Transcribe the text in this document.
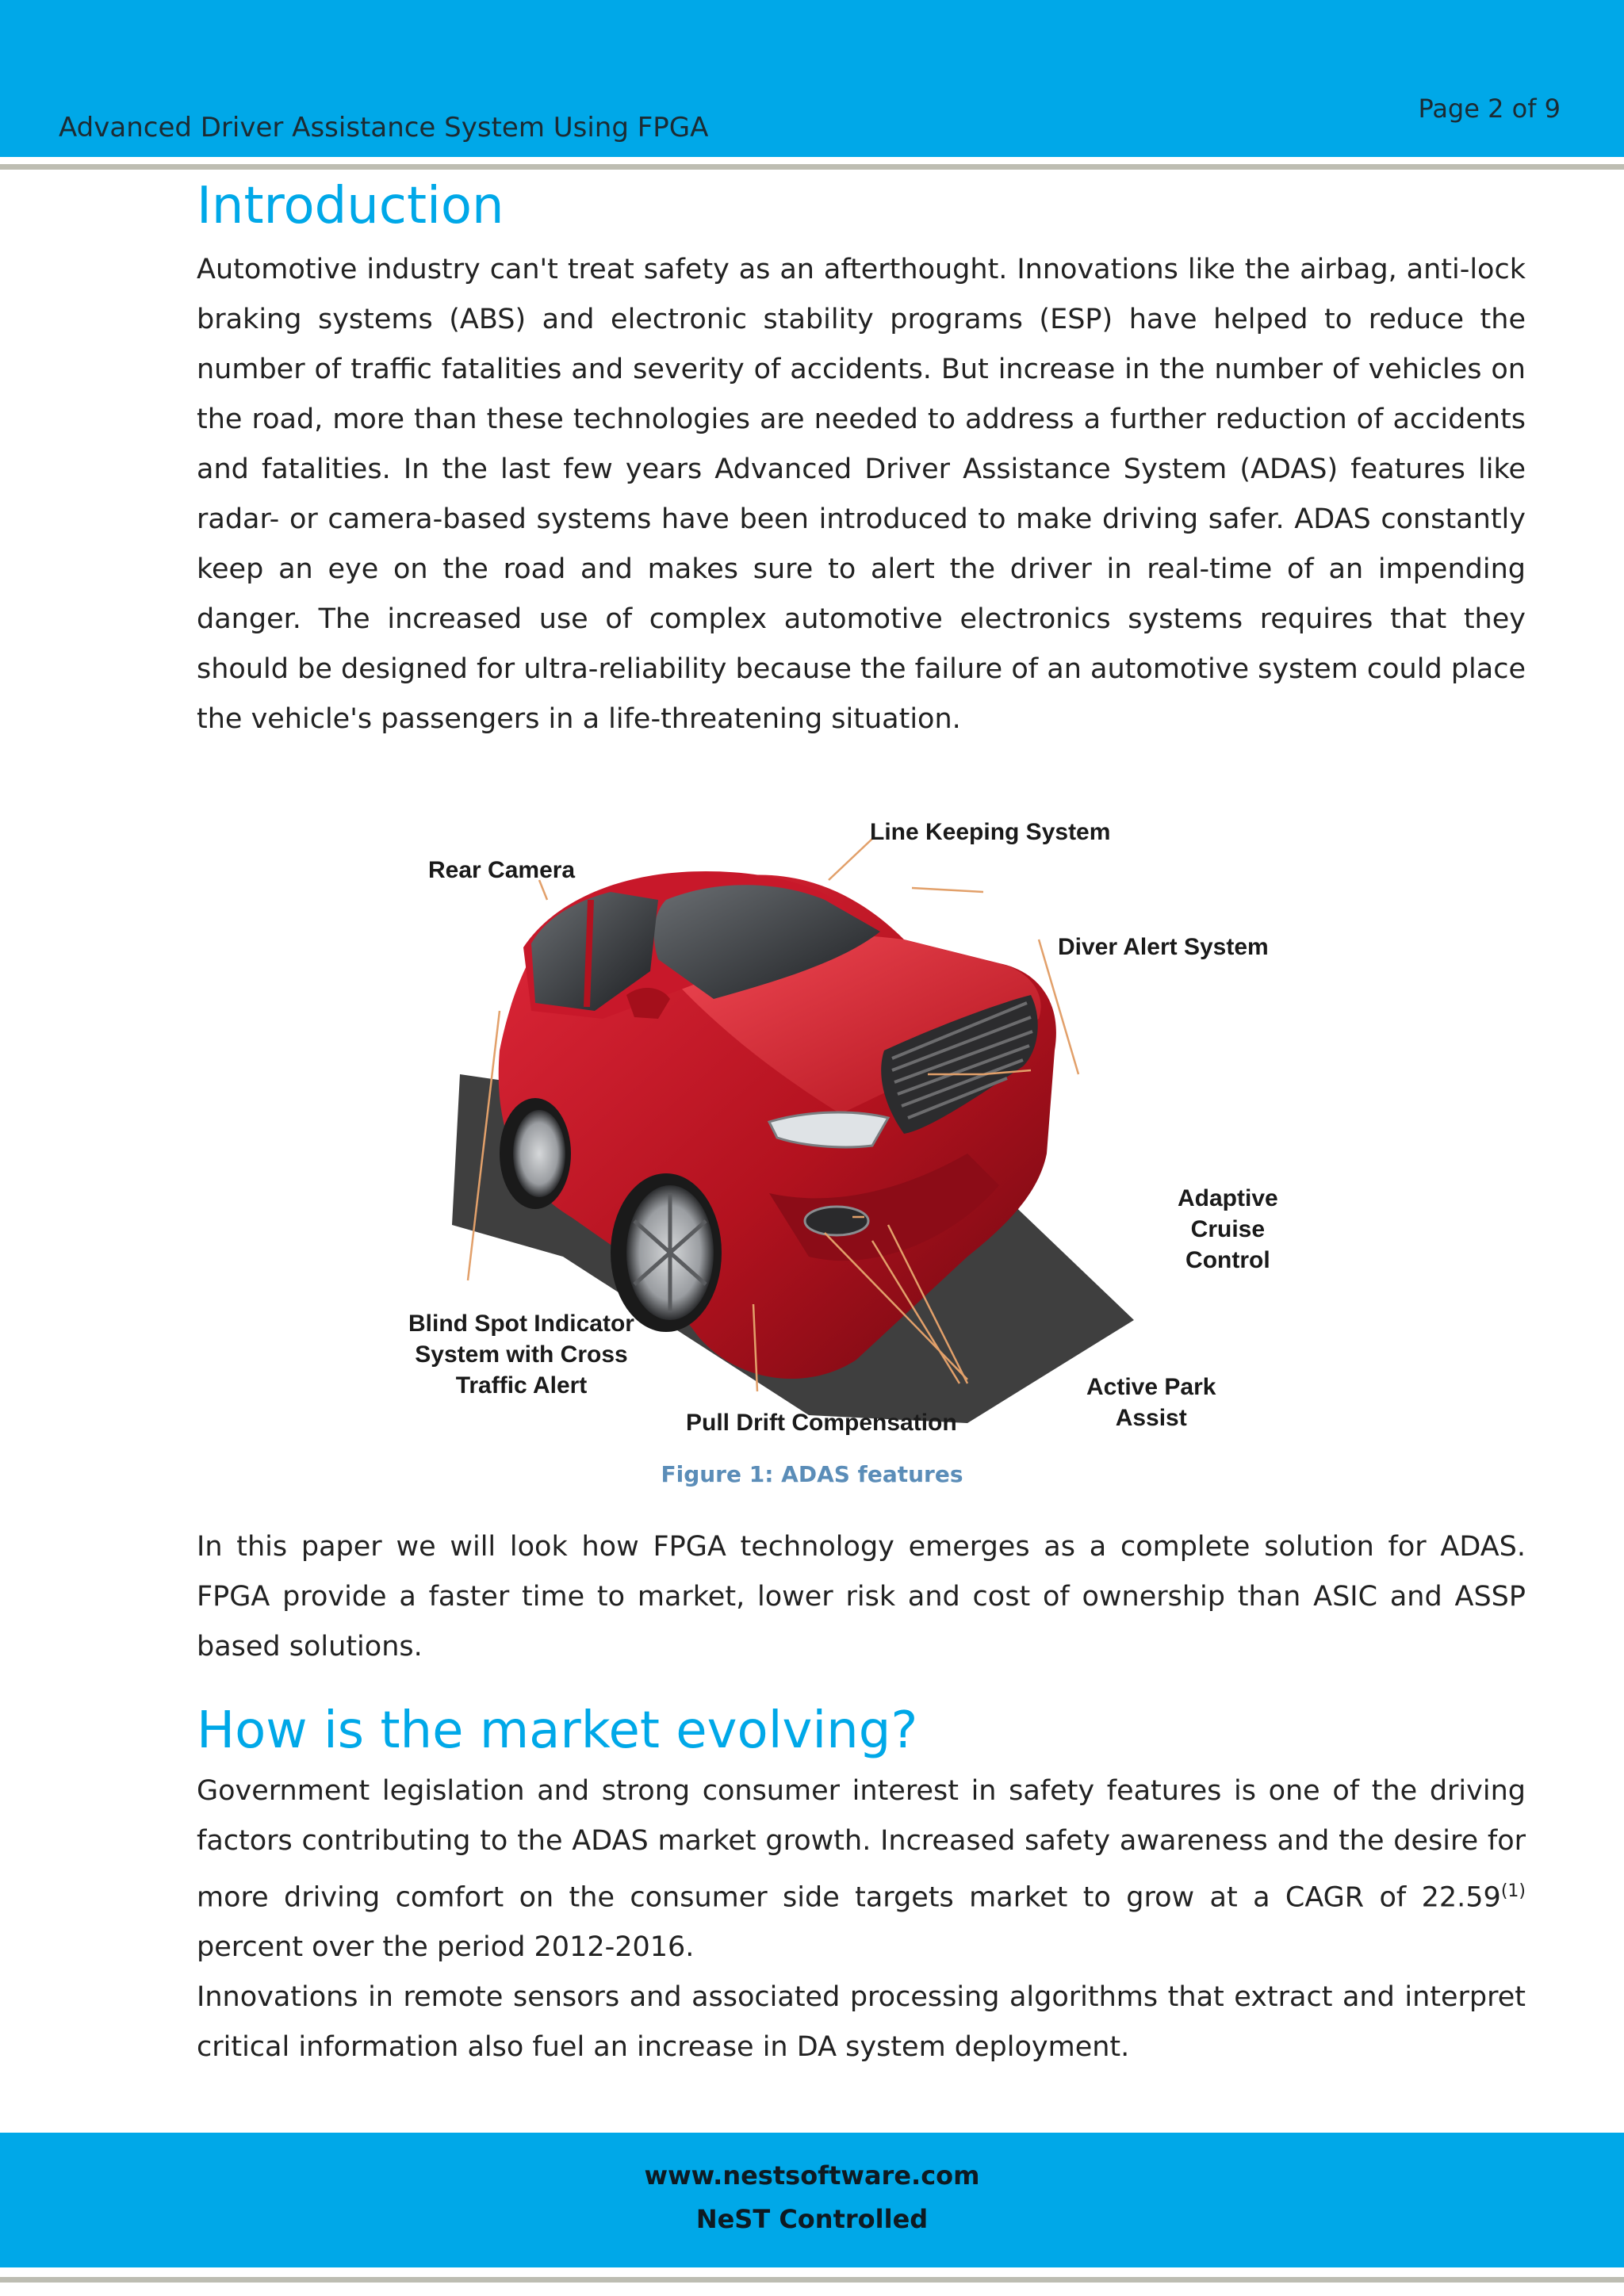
Advanced Driver Assistance System Using FPGA
Page 2 of 9
Introduction

Automotive industry can't treat safety as an afterthought. Innovations like the airbag, anti-lock braking systems (ABS) and electronic stability programs (ESP) have helped to reduce the number of traffic fatalities and severity of accidents. But increase in the number of vehicles on the road, more than these technologies are needed to address a further reduction of accidents and fatalities. In the last few years Advanced Driver Assistance System (ADAS) features like radar- or camera-based systems have been introduced to make driving safer. ADAS constantly keep an eye on the road and makes sure to alert the driver in real-time of an impending danger. The increased use of complex automotive electronics systems requires that they should be designed for ultra-reliability because the failure of an automotive system could place the vehicle's passengers in a life-threatening situation.

Line Keeping System
Rear Camera
Diver Alert System
Adaptive
Cruise
Control
Blind Spot Indicator
System with Cross
Traffic Alert	Active Park
Assist
Pull Drift Compensation
Figure 1: ADAS features

In this paper we will look how FPGA technology emerges as a complete solution for ADAS. FPGA provide a faster time to market, lower risk and cost of ownership than ASIC and ASSP based solutions.

How is the market evolving?

Government legislation and strong consumer interest in safety features is one of the driving factors contributing to the ADAS market growth. Increased safety awareness and the desire for more driving comfort on the consumer side targets market to grow at a CAGR of 22.59$^{(1)}$ percent over the period 2012-2016.

Innovations in remote sensors and associated processing algorithms that extract and interpret critical information also fuel an increase in DA system deployment.

www.nestsoftware.com
NeST Controlled
